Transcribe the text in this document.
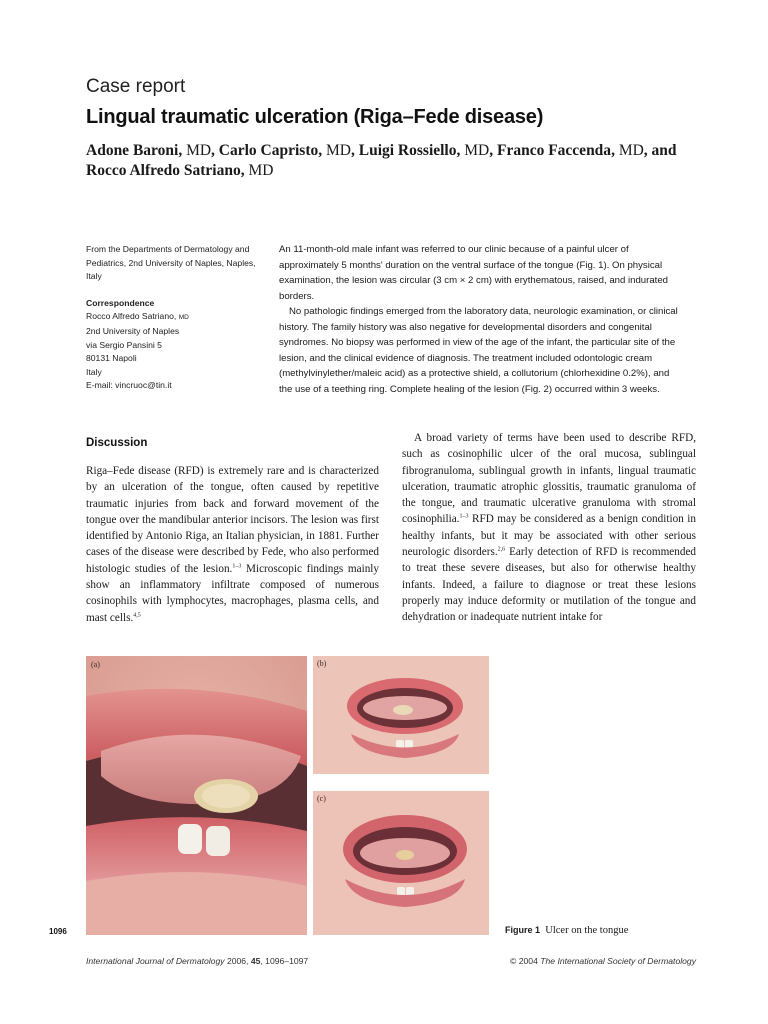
Case report
Lingual traumatic ulceration (Riga–Fede disease)
Adone Baroni, MD, Carlo Capristo, MD, Luigi Rossiello, MD, Franco Faccenda, MD, and
Rocco Alfredo Satriano, MD
From the Departments of Dermatology and Pediatrics, 2nd University of Naples, Naples, Italy
Correspondence
Rocco Alfredo Satriano, MD
2nd University of Naples
via Sergio Pansini 5
80131 Napoli
Italy
E-mail: vincruoc@tin.it

An 11-month-old male infant was referred to our clinic because of a painful ulcer of approximately 5 months' duration on the ventral surface of the tongue (Fig. 1). On physical examination, the lesion was circular (3 cm × 2 cm) with erythematous, raised, and indurated borders.

No pathologic findings emerged from the laboratory data, neurologic examination, or clinical history. The family history was also negative for developmental disorders and congenital syndromes. No biopsy was performed in view of the age of the infant, the particular site of the lesion, and the clinical evidence of diagnosis. The treatment included odontologic cream (methylvinylether/maleic acid) as a protective shield, a collutorium (chlorhexidine 0.2%), and the use of a teething ring. Complete healing of the lesion (Fig. 2) occurred within 3 weeks.

Discussion

Riga–Fede disease (RFD) is extremely rare and is characterized by an ulceration of the tongue, often caused by repetitive traumatic injuries from back and forward movement of the tongue over the mandibular anterior incisors. The lesion was first identified by Antonio Riga, an Italian physician, in 1881. Further cases of the disease were described by Fede, who also performed histologic studies of the lesion.$^{1-3}$ Microscopic findings mainly show an inflammatory infiltrate composed of numerous cosinophils with lymphocytes, macrophages, plasma cells, and mast cells.$^{4,5}$

A broad variety of terms have been used to describe RFD, such as cosinophilic ulcer of the oral mucosa, sublingual fibrogranuloma, sublingual growth in infants, lingual traumatic ulceration, traumatic atrophic glossitis, traumatic granuloma of the tongue, and traumatic ulcerative granuloma with stromal cosinophilia.$^{1-3}$ RFD may be considered as a benign condition in healthy infants, but it may be associated with other serious neurologic disorders.$^{2,6}$ Early detection of RFD is recommended to treat these severe diseases, but also for otherwise healthy infants. Indeed, a failure to diagnose or treat these lesions properly may induce deformity or mutilation of the tongue and dehydration or inadequate nutrient intake for

(a)	(b)
(c)
1096	Figure 1 Ulcer on the tongue
International Journal of Dermatology 2006, 45, 1096–1097	© 2004 The International Society of Dermatology
